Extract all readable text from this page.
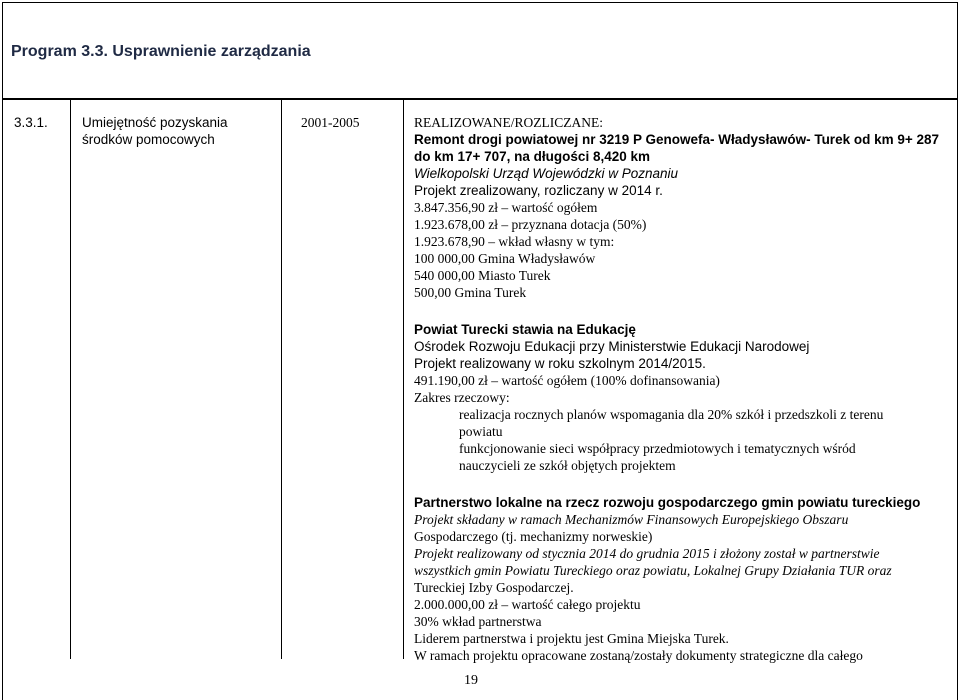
Program 3.3. Usprawnienie zarządzania
3.3.1.	Umiejętność pozyskania
środków pomocowych
2001-2005	REALIZOWANE/ROZLICZANE:
Remont drogi powiatowej nr 3219 P Genowefa- Władysławów- Turek od km 9+ 287
do km 17+ 707, na długości 8,420 km
Wielkopolski Urząd Wojewódzki w Poznaniu
Projekt zrealizowany, rozliczany w 2014 r.
3.847.356,90 zł – wartość ogółem
1.923.678,00 zł – przyznana dotacja (50%)
1.923.678,90 – wkład własny w tym:
100 000,00 Gmina Władysławów
540 000,00 Miasto Turek
500,00 Gmina Turek
Powiat Turecki stawia na Edukację
Ośrodek Rozwoju Edukacji przy Ministerstwie Edukacji Narodowej
Projekt realizowany w roku szkolnym 2014/2015.
491.190,00 zł – wartość ogółem (100% dofinansowania)
Zakres rzeczowy:
realizacja rocznych planów wspomagania dla 20% szkół i przedszkoli z terenu
powiatu
funkcjonowanie sieci współpracy przedmiotowych i tematycznych wśród
nauczycieli ze szkół objętych projektem
Partnerstwo lokalne na rzecz rozwoju gospodarczego gmin powiatu tureckiego
Projekt składany w ramach Mechanizmów Finansowych Europejskiego Obszaru
Gospodarczego (tj. mechanizmy norweskie)
Projekt realizowany od stycznia 2014 do grudnia 2015 i złożony został w partnerstwie
wszystkich gmin Powiatu Tureckiego oraz powiatu, Lokalnej Grupy Działania TUR oraz
Tureckiej Izby Gospodarczej.
2.000.000,00 zł – wartość całego projektu
30% wkład partnerstwa
Liderem partnerstwa i projektu jest Gmina Miejska Turek.
W ramach projektu opracowane zostaną/zostały dokumenty strategiczne dla całego
19
